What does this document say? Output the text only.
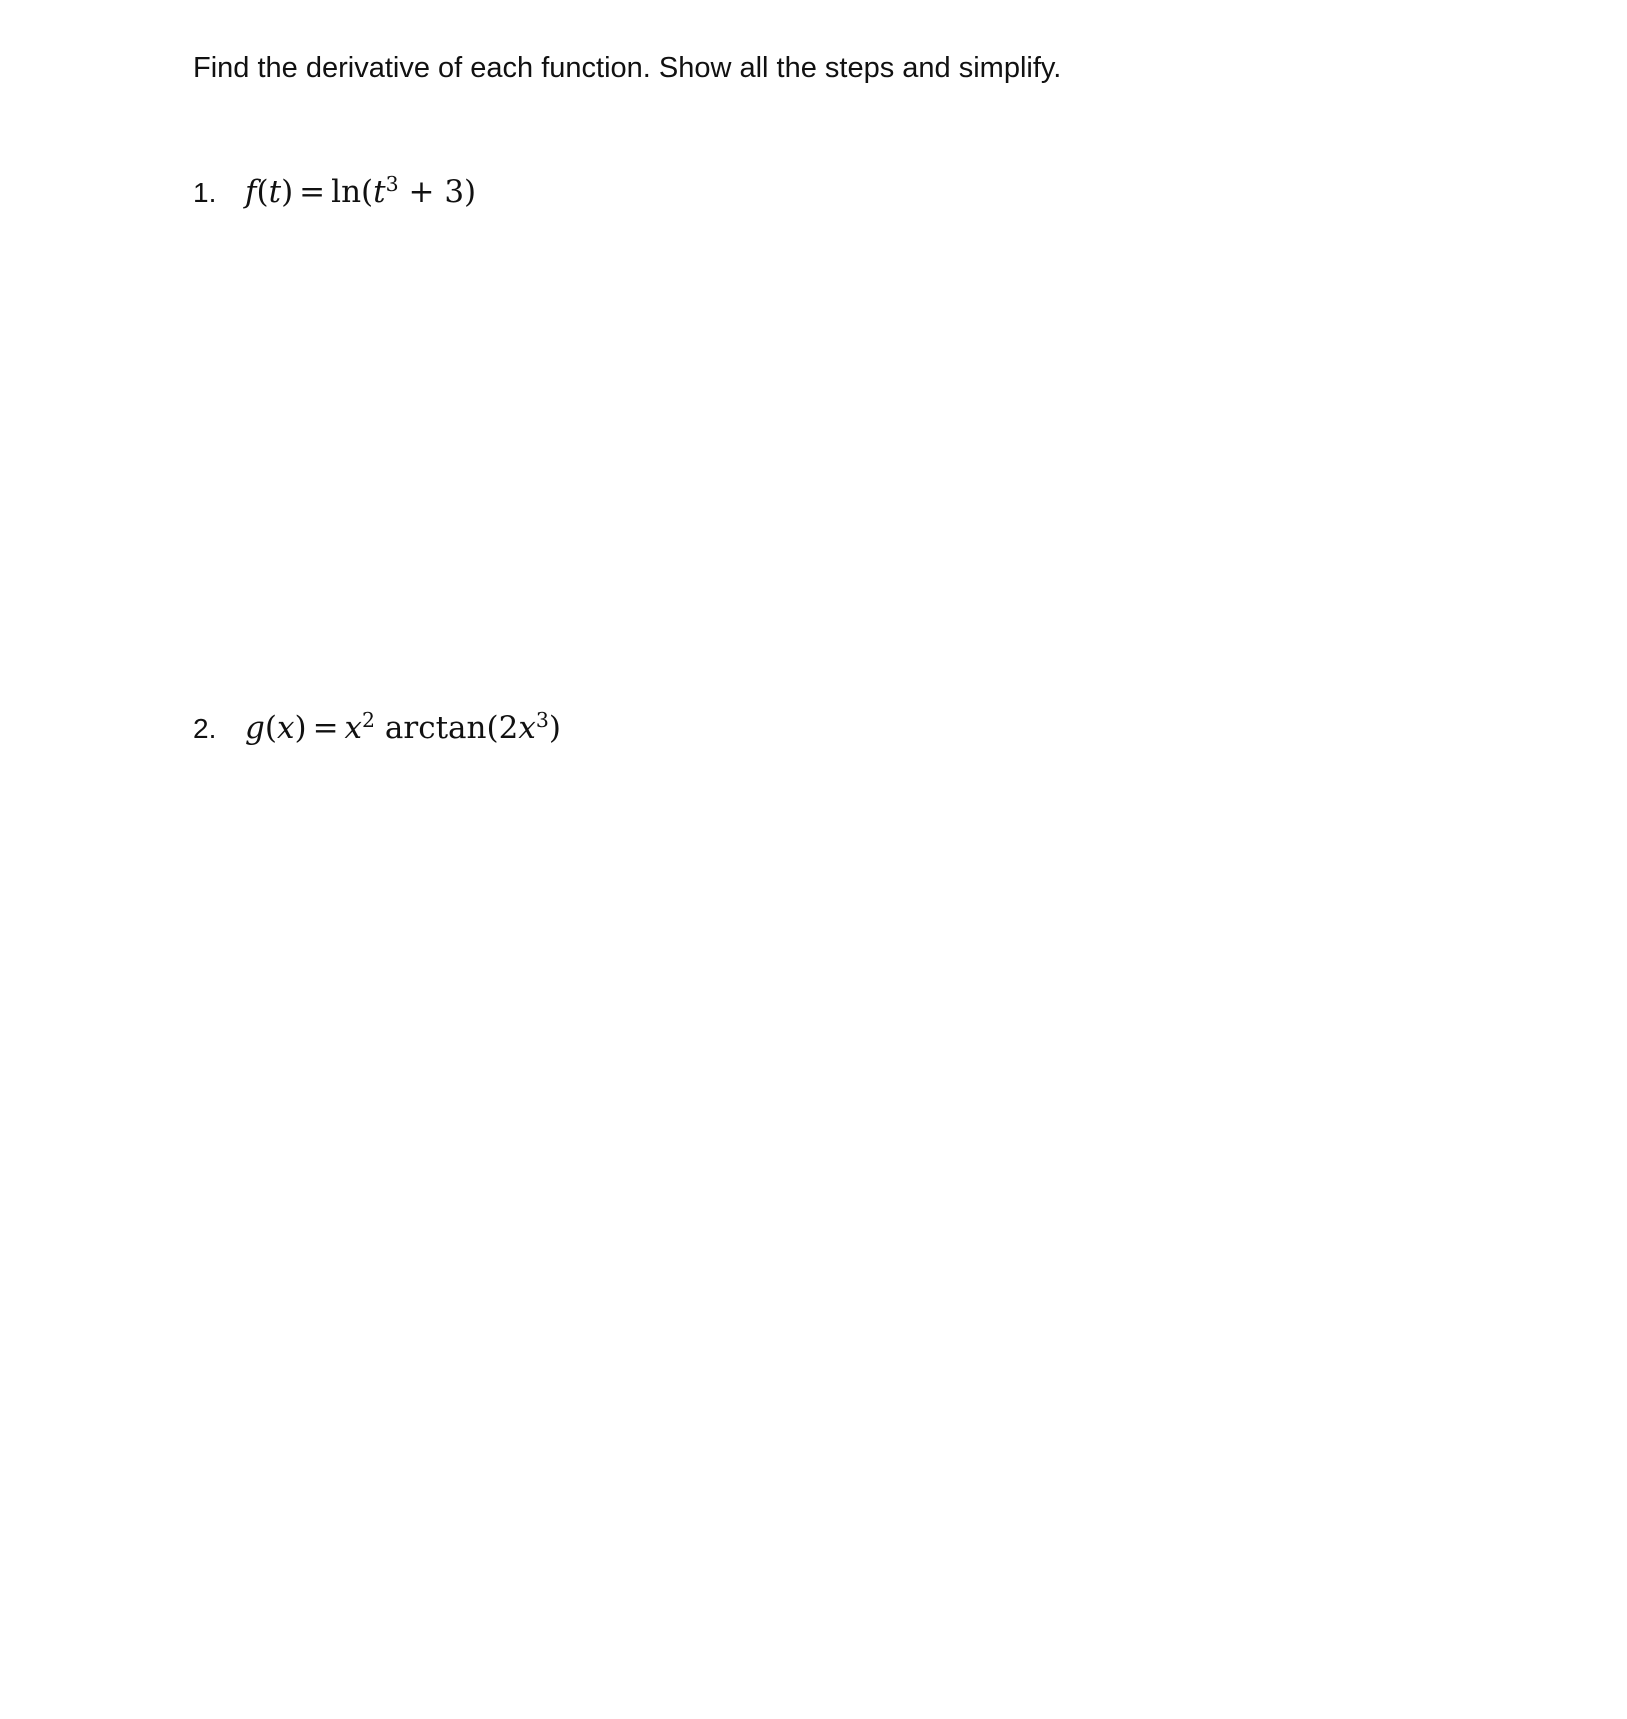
Find the derivative of each function. Show all the steps and simplify.
1. $f(t) = \ln(t^3 + 3)$
2. $g(x) = x^2$ $\arctan(2x^3)$
